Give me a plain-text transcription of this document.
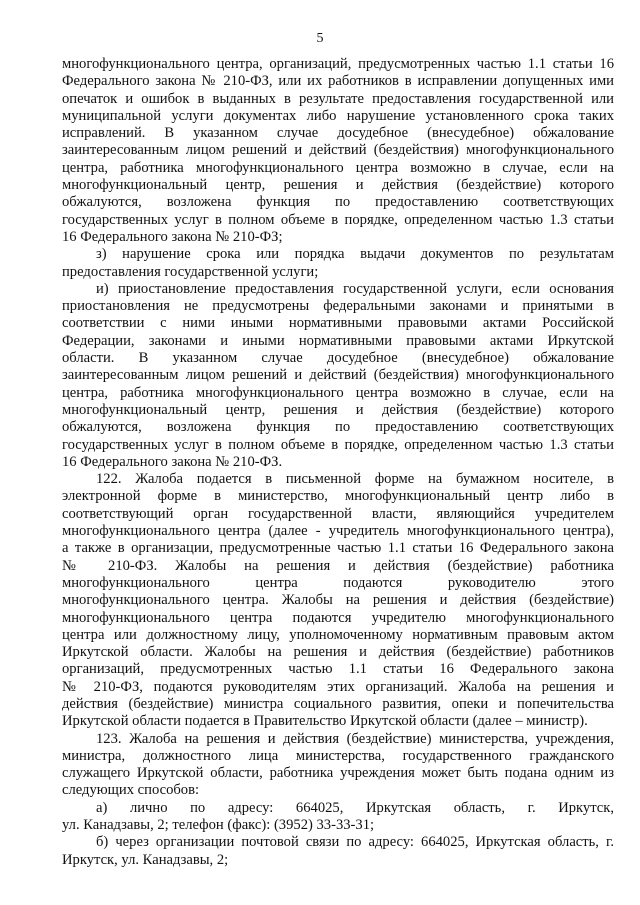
5
многофункционального центра, организаций, предусмотренных частью 1.1 статьи 16
Федерального закона № 210-ФЗ, или их работников в исправлении допущенных ими
опечаток и ошибок в выданных в результате предоставления государственной или
муниципальной услуги документах либо нарушение установленного срока таких
исправлений. В указанном случае досудебное (внесудебное) обжалование
заинтересованным лицом решений и действий (бездействия) многофункционального
центра, работника многофункционального центра возможно в случае, если на
многофункциональный центр, решения и действия (бездействие) которого
обжалуются, возложена функция по предоставлению соответствующих
государственных услуг в полном объеме в порядке, определенном частью 1.3 статьи
16 Федерального закона № 210-ФЗ;
з) нарушение срока или порядка выдачи документов по результатам
предоставления государственной услуги;
и) приостановление предоставления государственной услуги, если основания
приостановления не предусмотрены федеральными законами и принятыми в
соответствии с ними иными нормативными правовыми актами Российской
Федерации, законами и иными нормативными правовыми актами Иркутской
области. В указанном случае досудебное (внесудебное) обжалование
заинтересованным лицом решений и действий (бездействия) многофункционального
центра, работника многофункционального центра возможно в случае, если на
многофункциональный центр, решения и действия (бездействие) которого
обжалуются, возложена функция по предоставлению соответствующих
государственных услуг в полном объеме в порядке, определенном частью 1.3 статьи
16 Федерального закона № 210-ФЗ.
122. Жалоба подается в письменной форме на бумажном носителе, в
электронной форме в министерство, многофункциональный центр либо в
соответствующий орган государственной власти, являющийся учредителем
многофункционального центра (далее - учредитель многофункционального центра),
а также в организации, предусмотренные частью 1.1 статьи 16 Федерального закона
№ 210-ФЗ. Жалобы на решения и действия (бездействие) работника
многофункционального центра подаются руководителю этого
многофункционального центра. Жалобы на решения и действия (бездействие)
многофункционального центра подаются учредителю многофункционального
центра или должностному лицу, уполномоченному нормативным правовым актом
Иркутской области. Жалобы на решения и действия (бездействие) работников
организаций, предусмотренных частью 1.1 статьи 16 Федерального закона
№ 210-ФЗ, подаются руководителям этих организаций. Жалоба на решения и
действия (бездействие) министра социального развития, опеки и попечительства
Иркутской области подается в Правительство Иркутской области (далее – министр).
123. Жалоба на решения и действия (бездействие) министерства, учреждения,
министра, должностного лица министерства, государственного гражданского
служащего Иркутской области, работника учреждения может быть подана одним из
следующих способов:
а) лично по адресу: 664025, Иркутская область, г. Иркутск,
ул. Канадзавы, 2; телефон (факс): (3952) 33-33-31;
б) через организации почтовой связи по адресу: 664025, Иркутская область, г.
Иркутск, ул. Канадзавы, 2;
